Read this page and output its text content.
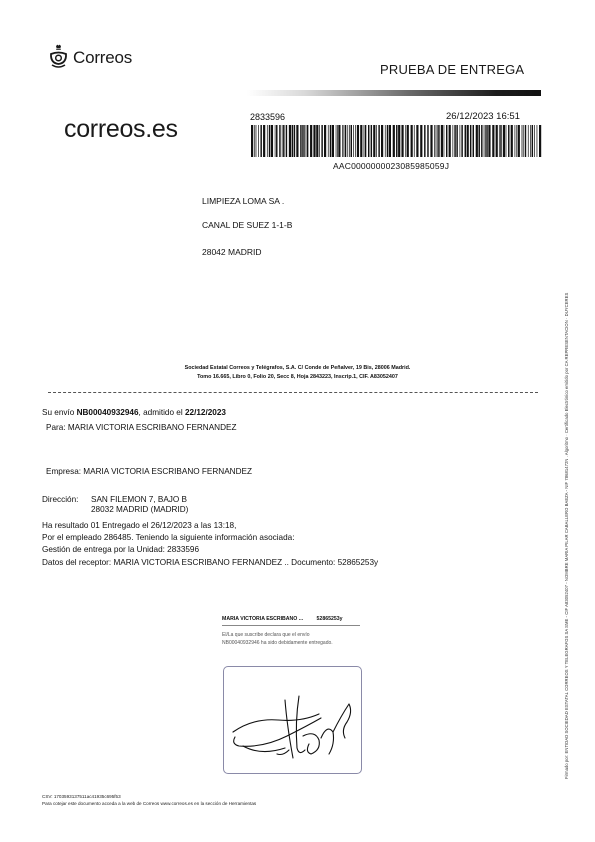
Correos
PRUEBA DE ENTREGA
correos.es	2833596	26/12/2023 16:51
AAC0000000023085985059J
LIMPIEZA LOMA SA .
CANAL DE SUEZ 1-1-B
28042 MADRID
Sociedad Estatal Correos y Telégrafos, S.A. C/ Conde de Peñalver, 19 Bis, 28006 Madrid.
Tomo 16.665, Libro 0, Folio 20, Secc 8, Hoja 2843223, Inscrip.1, CIF. A83052407
Su envío NB00040932946, admitido el 22/12/2023
Para: MARIA VICTORIA ESCRIBANO FERNANDEZ
Empresa: MARIA VICTORIA ESCRIBANO FERNANDEZ
Dirección: SAN FILEMON 7, BAJO B
28032 MADRID (MADRID)
Ha resultado 01 Entregado el 26/12/2023 a las 13:18,
Por el empleado 286485. Teniendo la siguiente información asociada:
Gestión de entrega por la Unidad: 2833596
Datos del receptor: MARIA VICTORIA ESCRIBANO FERNANDEZ .. Documento: 52865253y
MARIA VICTORIA ESCRIBANO ...	52865253y
El/La que suscribe declara que el envío
NB00040932946 ha sido debidamente entregado.
CSV: 1703593137511ac41935c695f53
Para cotejar este documento acceda a la web de Correos www.correos.es en la sección de Herramientas
Firmado por: ENTIDAD SOCIEDAD ESTATAL CORREOS Y TELEGRAFOS SA SME - CIF A83052407 - NOMBRE MARIA PILAR CABALLERO BAEZA - NIF 78681472N . Algoritmo · Certificado Electrónico emitido por CA REPRESENTACION · DUYCERES
